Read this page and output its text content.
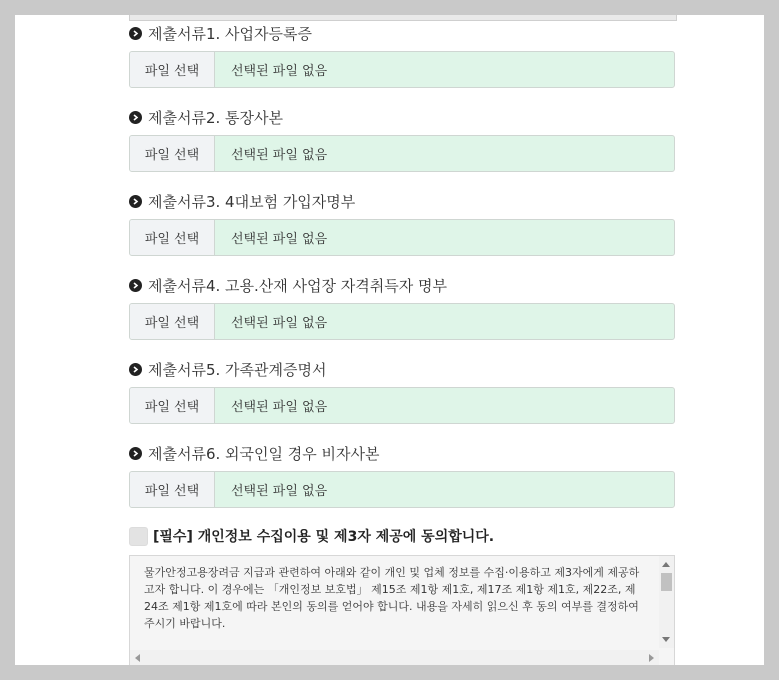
제출서류1. 사업자등록증
파일 선택	선택된 파일 없음
제출서류2. 통장사본
파일 선택	선택된 파일 없음
제출서류3. 4대보험 가입자명부
파일 선택	선택된 파일 없음
제출서류4. 고용.산재 사업장 자격취득자 명부
파일 선택	선택된 파일 없음
제출서류5. 가족관계증명서
파일 선택	선택된 파일 없음
제출서류6. 외국인일 경우 비자사본
파일 선택	선택된 파일 없음
[필수] 개인정보 수집이용 및 제3자 제공에 동의합니다.
물가안정고용장려금 지급과 관련하여 아래와 같이 개인 및 업체 정보를 수집·이용하고 제3자에게 제공하고자 합니다. 이 경우에는 「개인정보 보호법」 제15조 제1항 제1호, 제17조 제1항 제1호, 제22조, 제24조 제1항 제1호에 따라 본인의 동의를 얻어야 합니다. 내용을 자세히 읽으신 후 동의 여부를 결정하여 주시기 바랍니다.
